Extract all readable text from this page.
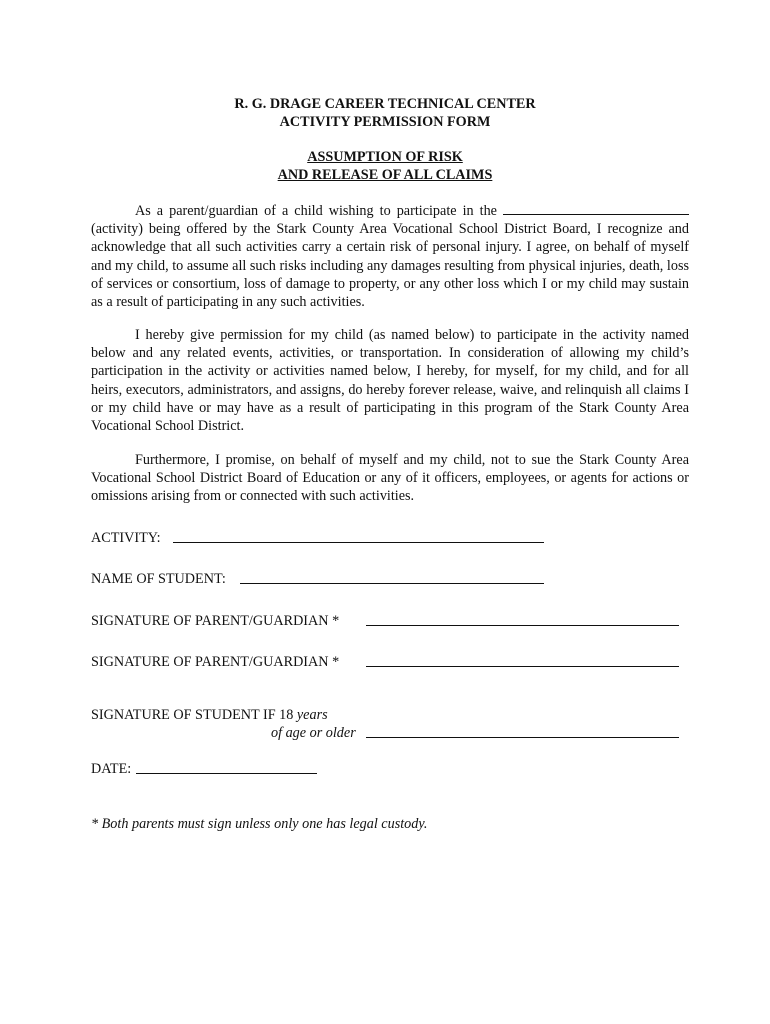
R. G. DRAGE CAREER TECHNICAL CENTER
ACTIVITY PERMISSION FORM
ASSUMPTION OF RISK
AND RELEASE OF ALL CLAIMS
As a parent/guardian of a child wishing to participate in the  (activity) being offered by the Stark County Area Vocational School District Board, I recognize and acknowledge that all such activities carry a certain risk of personal injury. I agree, on behalf of myself and my child, to assume all such risks including any damages resulting from physical injuries, death, loss of services or consortium, loss of damage to property, or any other loss which I or my child may sustain as a result of participating in any such activities.
I hereby give permission for my child (as named below) to participate in the activity named below and any related events, activities, or transportation. In consideration of allowing my child’s participation in the activity or activities named below, I hereby, for myself, for my child, and for all heirs, executors, administrators, and assigns, do hereby forever release, waive, and relinquish all claims I or my child have or may have as a result of participating in this program of the Stark County Area Vocational School District.
Furthermore, I promise, on behalf of myself and my child, not to sue the Stark County Area Vocational School District Board of Education or any of it officers, employees, or agents for actions or omissions arising from or connected with such activities.
ACTIVITY:
NAME OF STUDENT:
SIGNATURE OF PARENT/GUARDIAN *
SIGNATURE OF PARENT/GUARDIAN *
SIGNATURE OF STUDENT IF 18 years
of age or older
DATE:
* Both parents must sign unless only one has legal custody.
